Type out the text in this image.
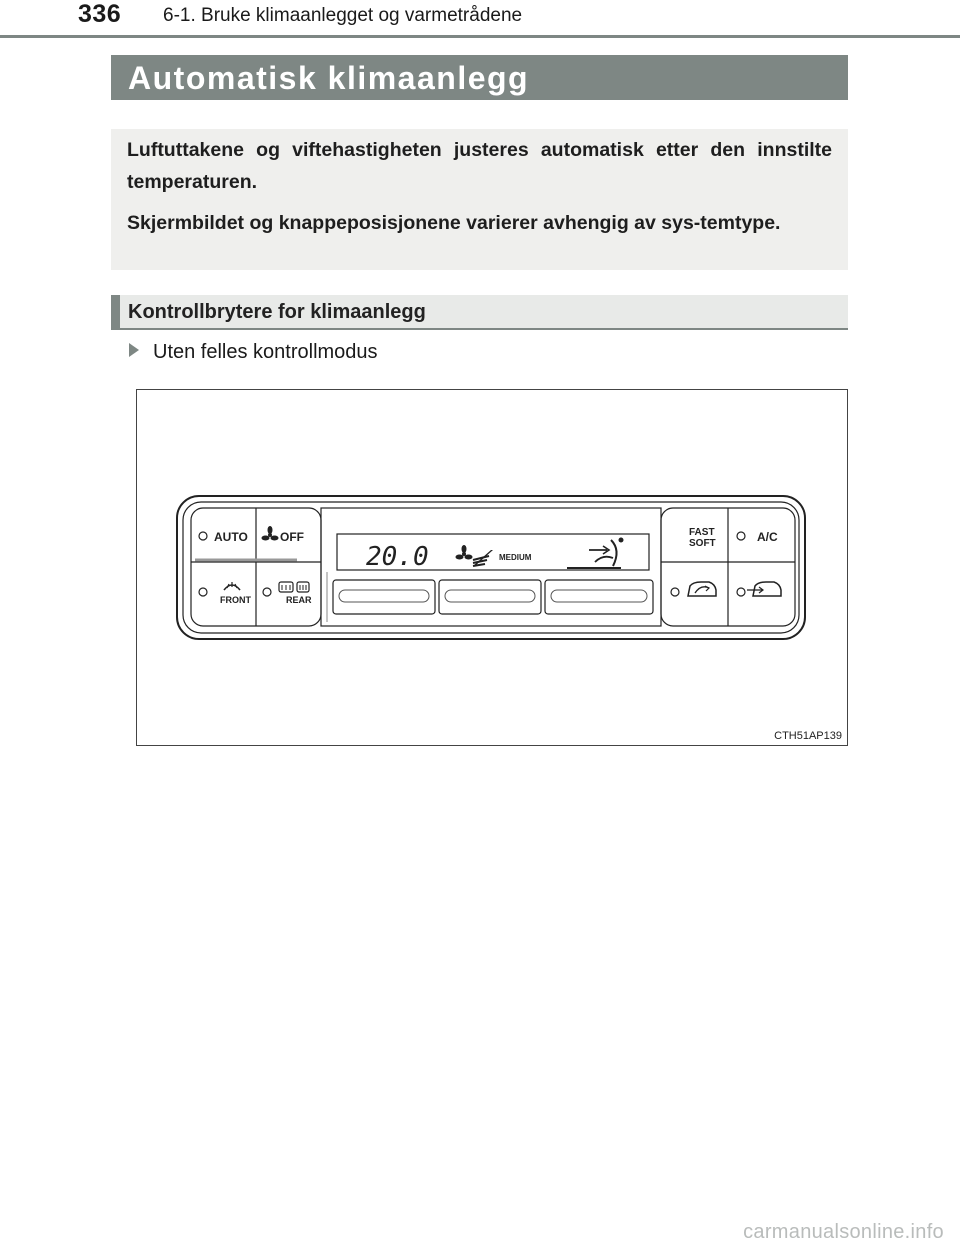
336 6-1. Bruke klimaanlegget og varmetrådene
Automatisk klimaanlegg

Luftuttakene og viftehastigheten justeres automatisk etter den innstilte temperaturen.

Skjermbildet og knappeposisjonene varierer avhengig av sys-temtype.

Kontrollbrytere for klimaanlegg
Uten felles kontrollmodus
AUTO	OFF
20.0	MEDIUM
FAST
SOFT	A/C
FRONT	REAR
CTH51AP139
carmanualsonline.info
